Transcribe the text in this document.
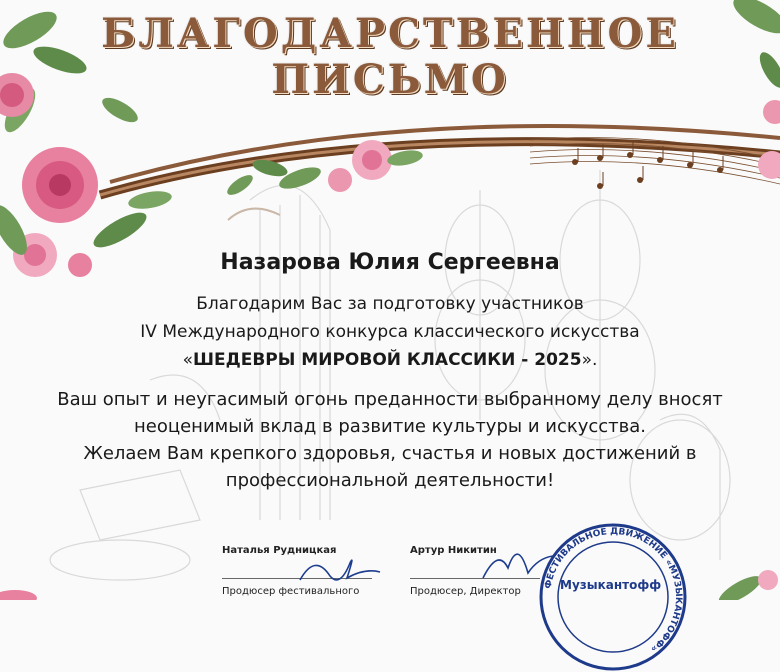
БЛАГОДАРСТВЕННОЕ
ПИСЬМО
Назарова Юлия Сергеевна
Благодарим Вас за подготовку участников
IV Международного конкурса классического искусства
«ШЕДЕВРЫ МИРОВОЙ КЛАССИКИ - 2025».
Ваш опыт и неугасимый огонь преданности выбранному делу вносят
неоценимый вклад в развитие культуры и искусства.
Желаем Вам крепкого здоровья, счастья и новых достижений в
профессиональной деятельности!
Наталья Рудницкая	Артур Никитин
Продюсер фестивального	Продюсер, Директор
ФЕСТИВАЛЬНОЕ ДВИЖЕНИЕ «МУЗЫКАНТОФФ»
Музыкантофф
